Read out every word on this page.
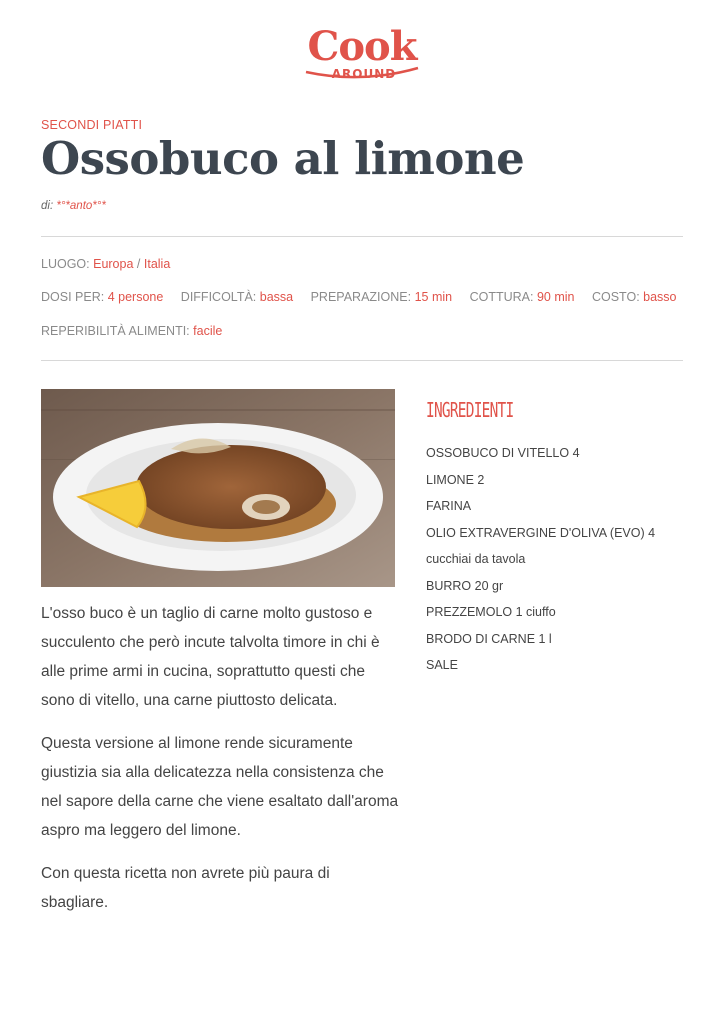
Cook
AROUND
SECONDI PIATTI
Ossobuco al limone
di: *°*anto*°*
LUOGO: Europa / Italia
DOSI PER: 4 persone DIFFICOLTÀ: bassa PREPARAZIONE: 15 min COTTURA: 90 min COSTO: basso
REPERIBILITÀ ALIMENTI: facile

L'osso buco è un taglio di carne molto gustoso e succulento che però incute talvolta timore in chi è alle prime armi in cucina, soprattutto questi che sono di vitello, una carne piuttosto delicata.

Questa versione al limone rende sicuramente giustizia sia alla delicatezza nella consistenza che nel sapore della carne che viene esaltato dall'aroma aspro ma leggero del limone.

Con questa ricetta non avrete più paura di sbagliare.

INGREDIENTI
OSSOBUCO DI VITELLO 4
LIMONE 2
FARINA
OLIO EXTRAVERGINE D'OLIVA (EVO) 4
cucchiai da tavola
BURRO 20 gr
PREZZEMOLO 1 ciuffo
BRODO DI CARNE 1 l
SALE
